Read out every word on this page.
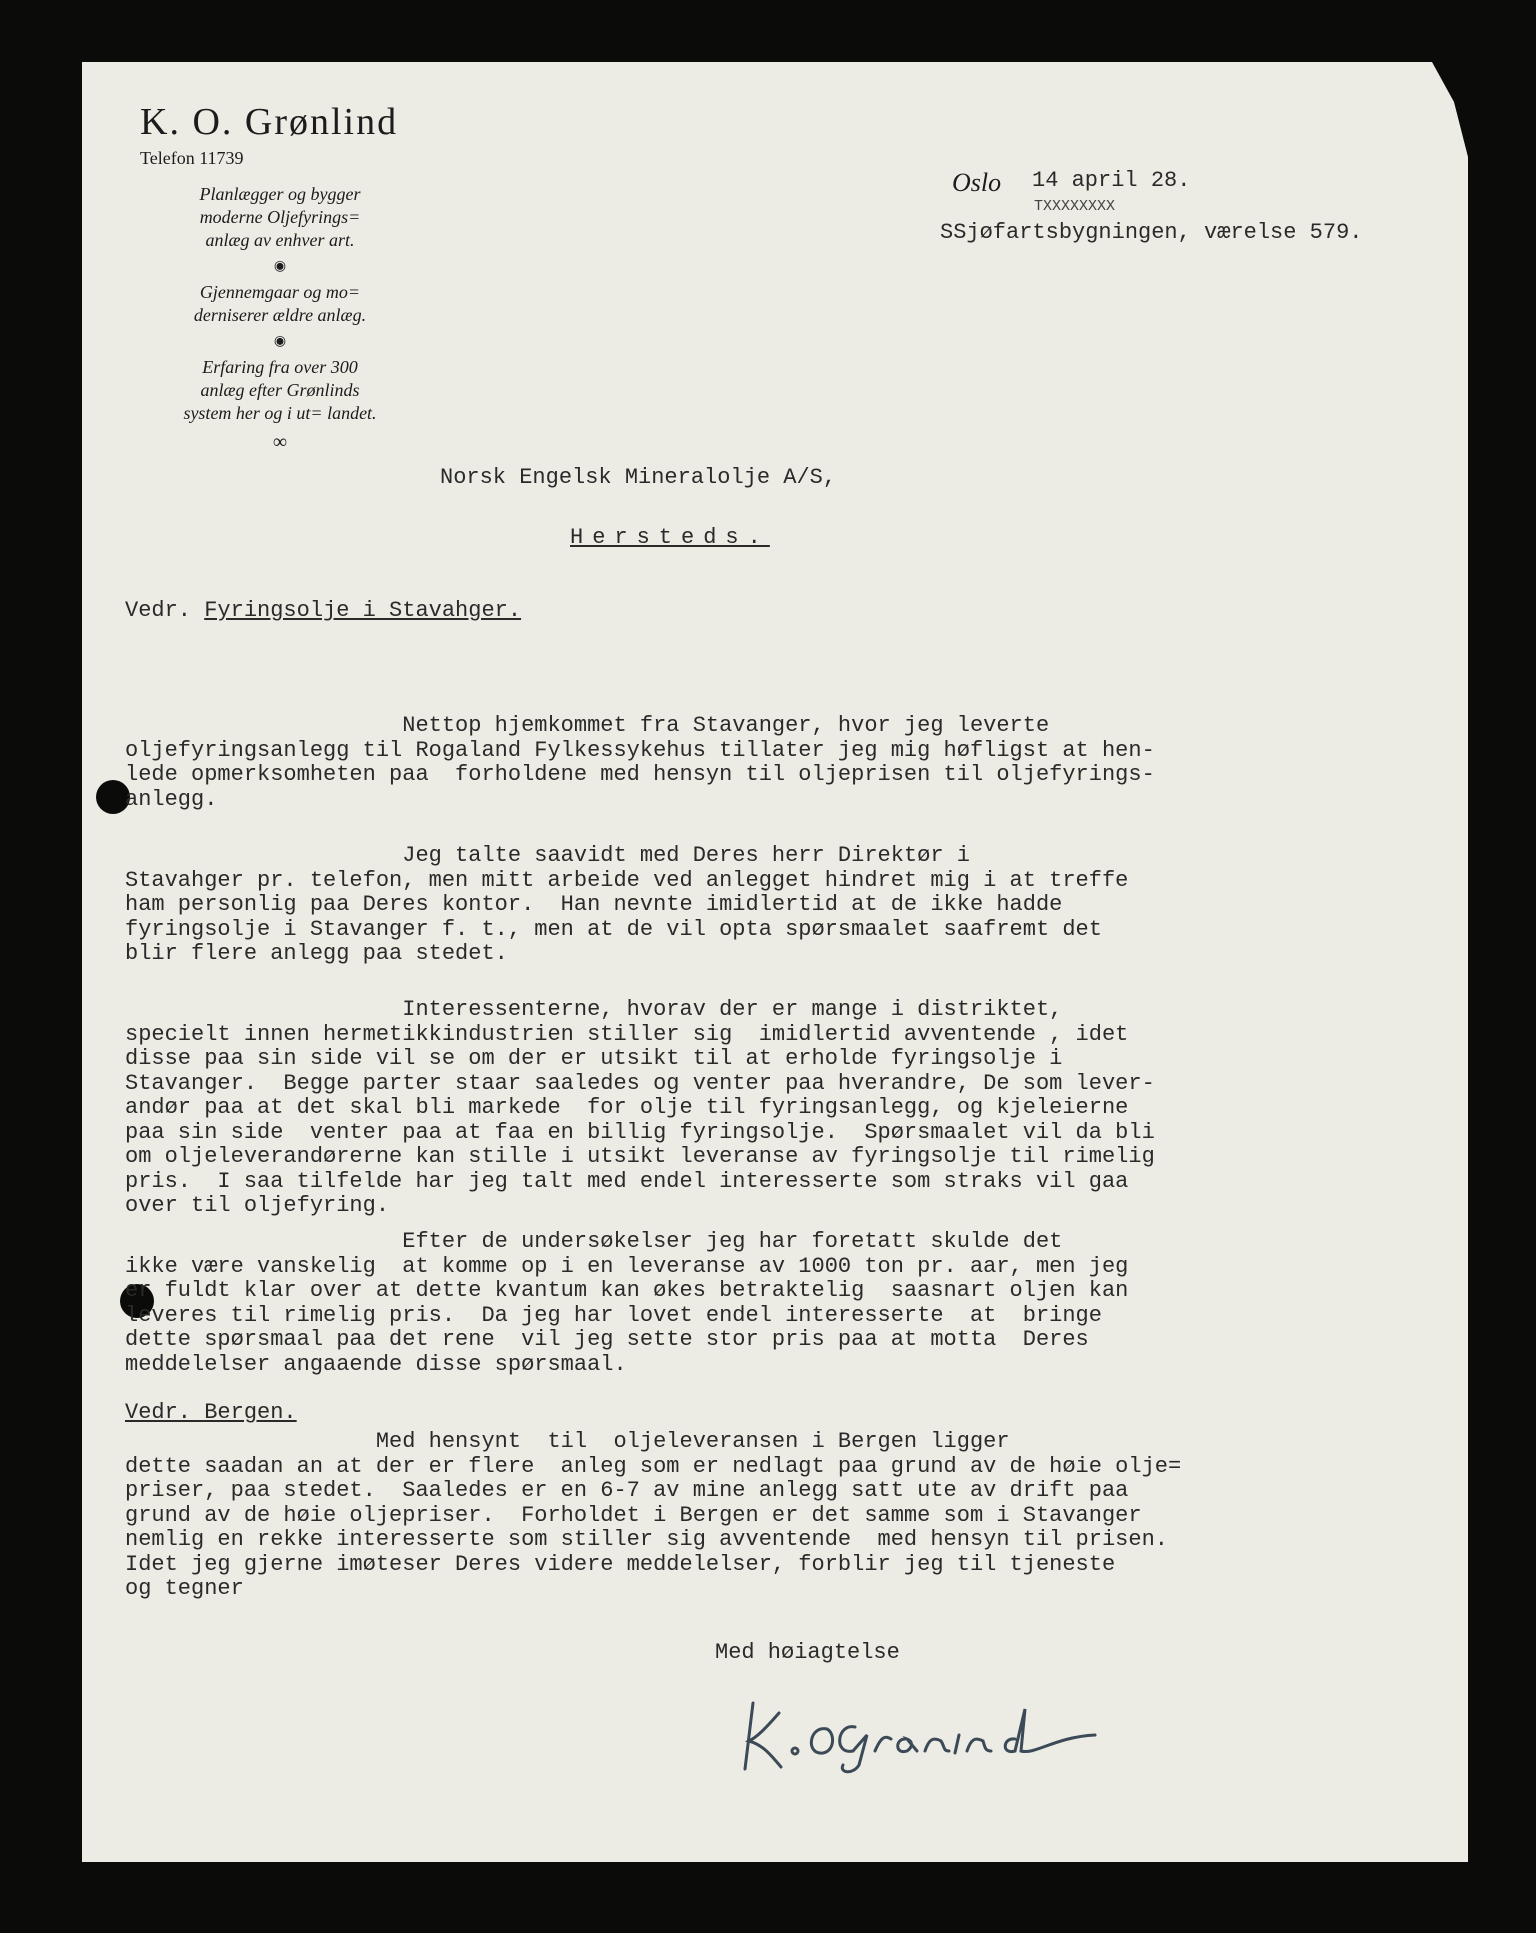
K. O. Grønlind
Telefon 11739
Planlægger og bygger moderne Oljefyrings= anlæg av enhver art.
◉
Gjennemgaar og mo= derniserer ældre anlæg.
◉
Erfaring fra over 300 anlæg efter Grønlinds system her og i ut= landet.
∞
Oslo 14 april 28.
TXXXXXXXX
SSjøfartsbygningen, værelse 579.
Norsk Engelsk Mineralolje A/S,
Hersteds.
Vedr. Fyringsolje i Stavahger.
Nettop hjemkommet fra Stavanger, hvor jeg leverte
oljefyringsanlegg til Rogaland Fylkessykehus tillater jeg mig høfligst at hen-
lede opmerksomheten paa  forholdene med hensyn til oljeprisen til oljefyrings-
anlegg.
Jeg talte saavidt med Deres herr Direktør i
Stavahger pr. telefon, men mitt arbeide ved anlegget hindret mig i at treffe
ham personlig paa Deres kontor.  Han nevnte imidlertid at de ikke hadde
fyringsolje i Stavanger f. t., men at de vil opta spørsmaalet saafremt det
blir flere anlegg paa stedet.
Interessenterne, hvorav der er mange i distriktet,
specielt innen hermetikkindustrien stiller sig  imidlertid avventende , idet
disse paa sin side vil se om der er utsikt til at erholde fyringsolje i
Stavanger.  Begge parter staar saaledes og venter paa hverandre, De som lever-
andør paa at det skal bli markede  for olje til fyringsanlegg, og kjeleierne
paa sin side  venter paa at faa en billig fyringsolje.  Spørsmaalet vil da bli
om oljeleverandørerne kan stille i utsikt leveranse av fyringsolje til rimelig
pris.  I saa tilfelde har jeg talt med endel interesserte som straks vil gaa
over til oljefyring.
Efter de undersøkelser jeg har foretatt skulde det
ikke være vanskelig  at komme op i en leveranse av 1000 ton pr. aar, men jeg
er fuldt klar over at dette kvantum kan økes betraktelig  saasnart oljen kan
leveres til rimelig pris.  Da jeg har lovet endel interesserte  at  bringe
dette spørsmaal paa det rene  vil jeg sette stor pris paa at motta  Deres
meddelelser angaaende disse spørsmaal.
Vedr. Bergen.
Med hensynt  til  oljeleveransen i Bergen ligger
dette saadan an at der er flere  anleg som er nedlagt paa grund av de høie olje=
priser, paa stedet.  Saaledes er en 6-7 av mine anlegg satt ute av drift paa
grund av de høie oljepriser.  Forholdet i Bergen er det samme som i Stavanger
nemlig en rekke interesserte som stiller sig avventende  med hensyn til prisen.
Idet jeg gjerne imøteser Deres videre meddelelser, forblir jeg til tjeneste
og tegner
Med høiagtelse
